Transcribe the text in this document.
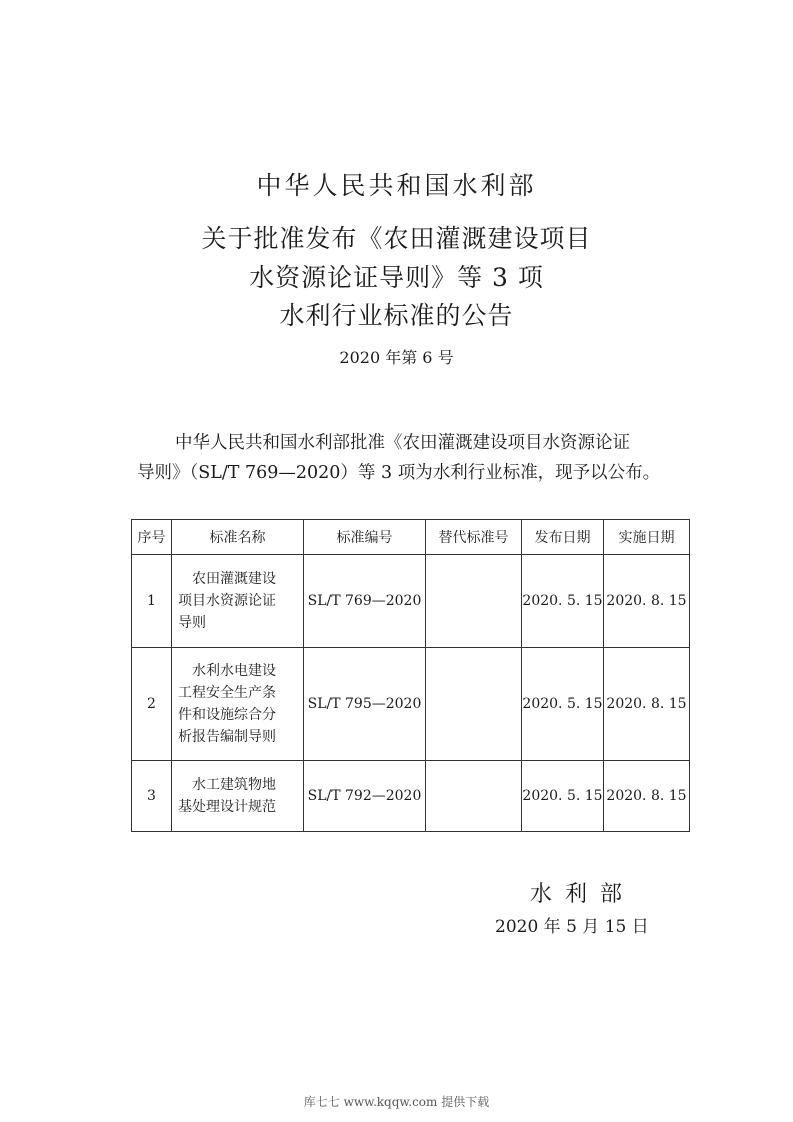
中华人民共和国水利部
关于批准发布《农田灌溉建设项目
水资源论证导则》等 3 项
水利行业标准的公告
2020 年第 6 号
中华人民共和国水利部批准《农田灌溉建设项目水资源论证
导则》（SL/T 769—2020）等 3 项为水利行业标准，现予以公布。
序号	标准名称	标准编号	替代标准号	发布日期	实施日期
1	农田灌溉建设
项目水资源论证
导则	SL/T 769—2020		2020. 5. 15	2020. 8. 15
2	水利水电建设
工程安全生产条
件和设施综合分
析报告编制导则	SL/T 795—2020		2020. 5. 15	2020. 8. 15
3	水工建筑物地
基处理设计规范	SL/T 792—2020		2020. 5. 15	2020. 8. 15
水 利 部
2020 年 5 月 15 日
库七七 www.kqqw.com 提供下载
